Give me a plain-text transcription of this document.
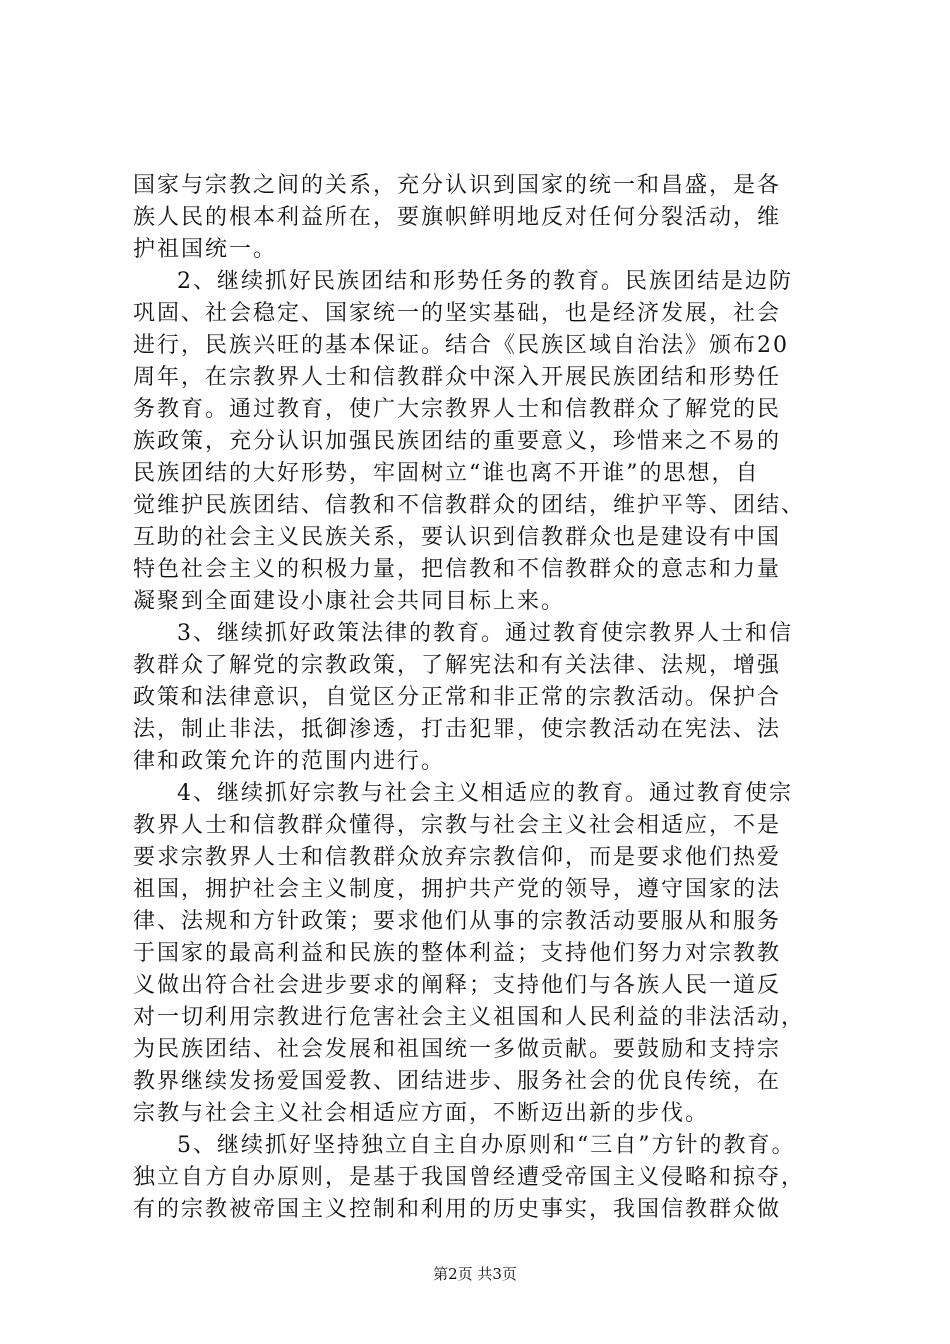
国家与宗教之间的关系，充分认识到国家的统一和昌盛，是各
族人民的根本利益所在，要旗帜鲜明地反对任何分裂活动，维
护祖国统一。
2、继续抓好民族团结和形势任务的教育。民族团结是边防
巩固、社会稳定、国家统一的坚实基础，也是经济发展，社会
进行，民族兴旺的基本保证。结合《民族区域自治法》颁布20
周年，在宗教界人士和信教群众中深入开展民族团结和形势任
务教育。通过教育，使广大宗教界人士和信教群众了解党的民
族政策，充分认识加强民族团结的重要意义，珍惜来之不易的
民族团结的大好形势，牢固树立“谁也离不开谁”的思想，自
觉维护民族团结、信教和不信教群众的团结，维护平等、团结、
互助的社会主义民族关系，要认识到信教群众也是建设有中国
特色社会主义的积极力量，把信教和不信教群众的意志和力量
凝聚到全面建设小康社会共同目标上来。
3、继续抓好政策法律的教育。通过教育使宗教界人士和信
教群众了解党的宗教政策，了解宪法和有关法律、法规，增强
政策和法律意识，自觉区分正常和非正常的宗教活动。保护合
法，制止非法，抵御渗透，打击犯罪，使宗教活动在宪法、法
律和政策允许的范围内进行。
4、继续抓好宗教与社会主义相适应的教育。通过教育使宗
教界人士和信教群众懂得，宗教与社会主义社会相适应，不是
要求宗教界人士和信教群众放弃宗教信仰，而是要求他们热爱
祖国，拥护社会主义制度，拥护共产党的领导，遵守国家的法
律、法规和方针政策；要求他们从事的宗教活动要服从和服务
于国家的最高利益和民族的整体利益；支持他们努力对宗教教
义做出符合社会进步要求的阐释；支持他们与各族人民一道反
对一切利用宗教进行危害社会主义祖国和人民利益的非法活动，
为民族团结、社会发展和祖国统一多做贡献。要鼓励和支持宗
教界继续发扬爱国爱教、团结进步、服务社会的优良传统，在
宗教与社会主义社会相适应方面，不断迈出新的步伐。
5、继续抓好坚持独立自主自办原则和“三自”方针的教育。
独立自方自办原则，是基于我国曾经遭受帝国主义侵略和掠夺，
有的宗教被帝国主义控制和利用的历史事实，我国信教群众做
第2页 共3页
